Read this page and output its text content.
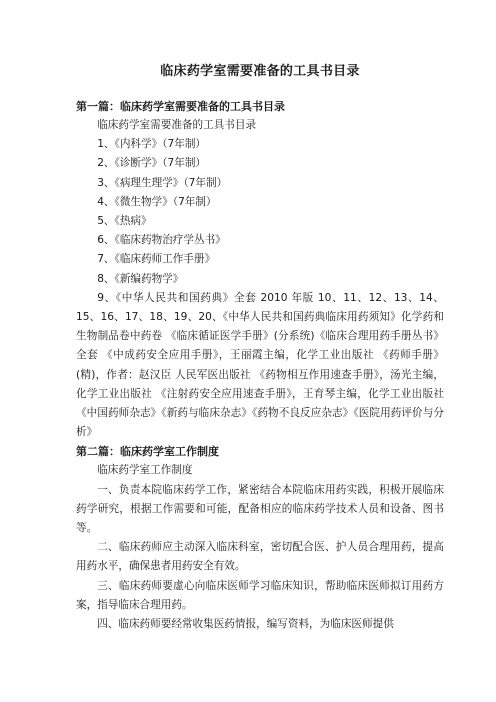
临床药学室需要准备的工具书目录

第一篇：临床药学室需要准备的工具书目录

临床药学室需要准备的工具书目录

1、《内科学》（7年制）

2、《诊断学》（7年制）

3、《病理生理学》（7年制）

4、《微生物学》（7年制）

5、《热病》

6、《临床药物治疗学丛书》

7、《临床药师工作手册》

8、《新编药物学》

9、《中华人民共和国药典》全套 2010 年版 10、11、12、13、14、15、16、17、18、19、20、《中华人民共和国药典临床用药须知》化学药和生物制品卷中药卷 《临床循证医学手册》(分系统)《临床合理用药手册丛书》全套 《中成药安全应用手册》，王丽霞主编，化学工业出版社 《药师手册》(精)，作者：赵汉臣 人民军医出版社 《药物相互作用速查手册》，汤光主编，化学工业出版社 《注射药安全应用速查手册》，王育琴主编，化学工业出版社 《中国药师杂志》《新药与临床杂志》《药物不良反应杂志》《医院用药评价与分析》

第二篇：临床药学室工作制度

临床药学室工作制度

一、负责本院临床药学工作，紧密结合本院临床用药实践，积极开展临床药学研究，根据工作需要和可能，配备相应的临床药学技术人员和设备、图书等。

二、临床药师应主动深入临床科室，密切配合医、护人员合理用药，提高用药水平，确保患者用药安全有效。

三、临床药师要虚心向临床医师学习临床知识，帮助临床医师拟订用药方案，指导临床合理用药。

四、临床药师要经常收集医药情报，编写资料，为临床医师提供
